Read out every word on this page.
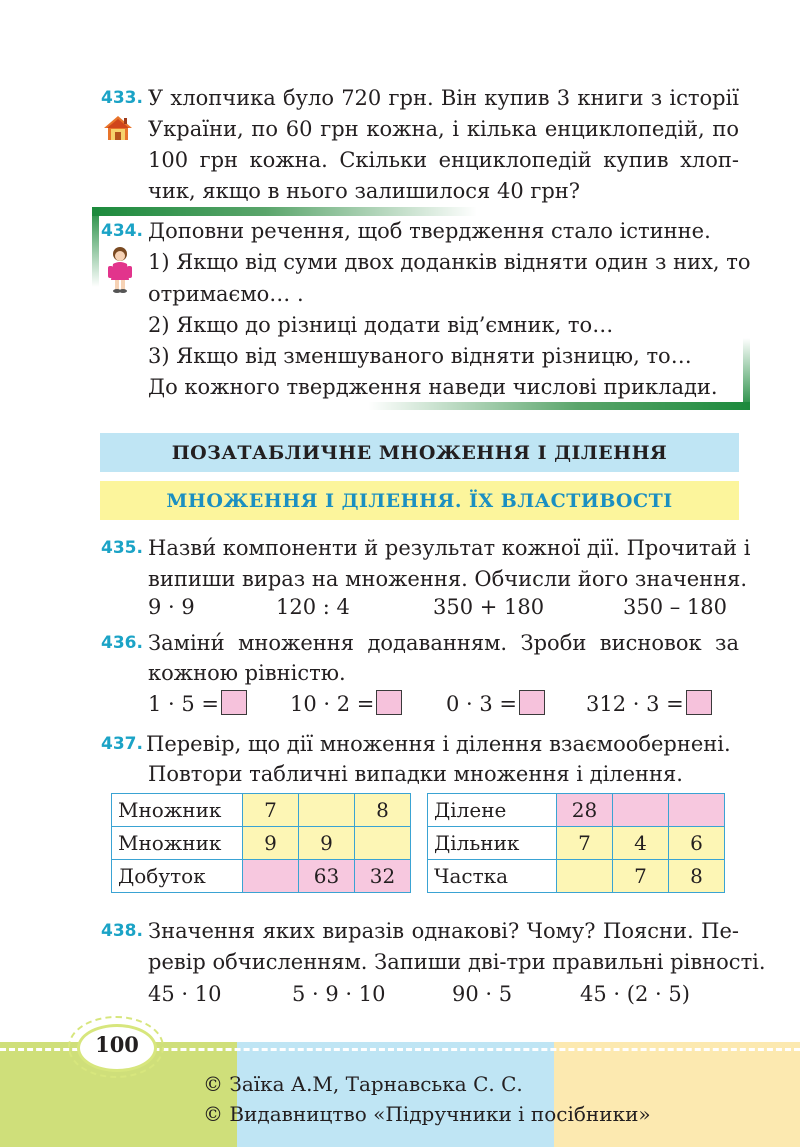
433. У хлопчика було 720 грн. Він купив 3 книги з історії
України, по 60 грн кожна, і кілька енциклопедій, по
100 грн кожна. Скільки енциклопедій купив хлоп-
чик, якщо в нього залишилося 40 грн?
434. Доповни речення, щоб твердження стало істинне.
1) Якщо від суми двох доданків відняти один з них, то
отримаємо… .
2) Якщо до різниці додати від’ємник, то…
3) Якщо від зменшуваного відняти різницю, то…
До кожного твердження наведи числові приклади.
ПОЗАТАБЛИЧНЕ МНОЖЕННЯ І ДІЛЕННЯ
МНОЖЕННЯ І ДІЛЕННЯ. ЇХ ВЛАСТИВОСТІ
435. Назви́ компоненти й результат кожної дії. Прочитай і
випиши вираз на множення. Обчисли його значення.
9 · 9	120 : 4	350 + 180	350 – 180
436. Заміни́ множення додаванням. Зроби висновок за
кожною рівністю.
1 · 5 =	10 · 2 =	0 · 3 =	312 · 3 =
437. Перевір, що дії множення і ділення взаємообернені.
Повтори табличні випадки множення і ділення.
Множник	7		8
Множник	9	9	
Добуток		63	32
Ділене	28		
Дільник	7	4	6
Частка		7	8
438. Значення яких виразів однакові? Чому? Поясни. Пе-
ревір обчисленням. Запиши дві-три правильні рівності.
45 · 10	5 · 9 · 10	90 · 5	45 · (2 · 5)
100
© Заїка А.М, Тарнавська С. С.
© Видавництво «Підручники і посібники»
